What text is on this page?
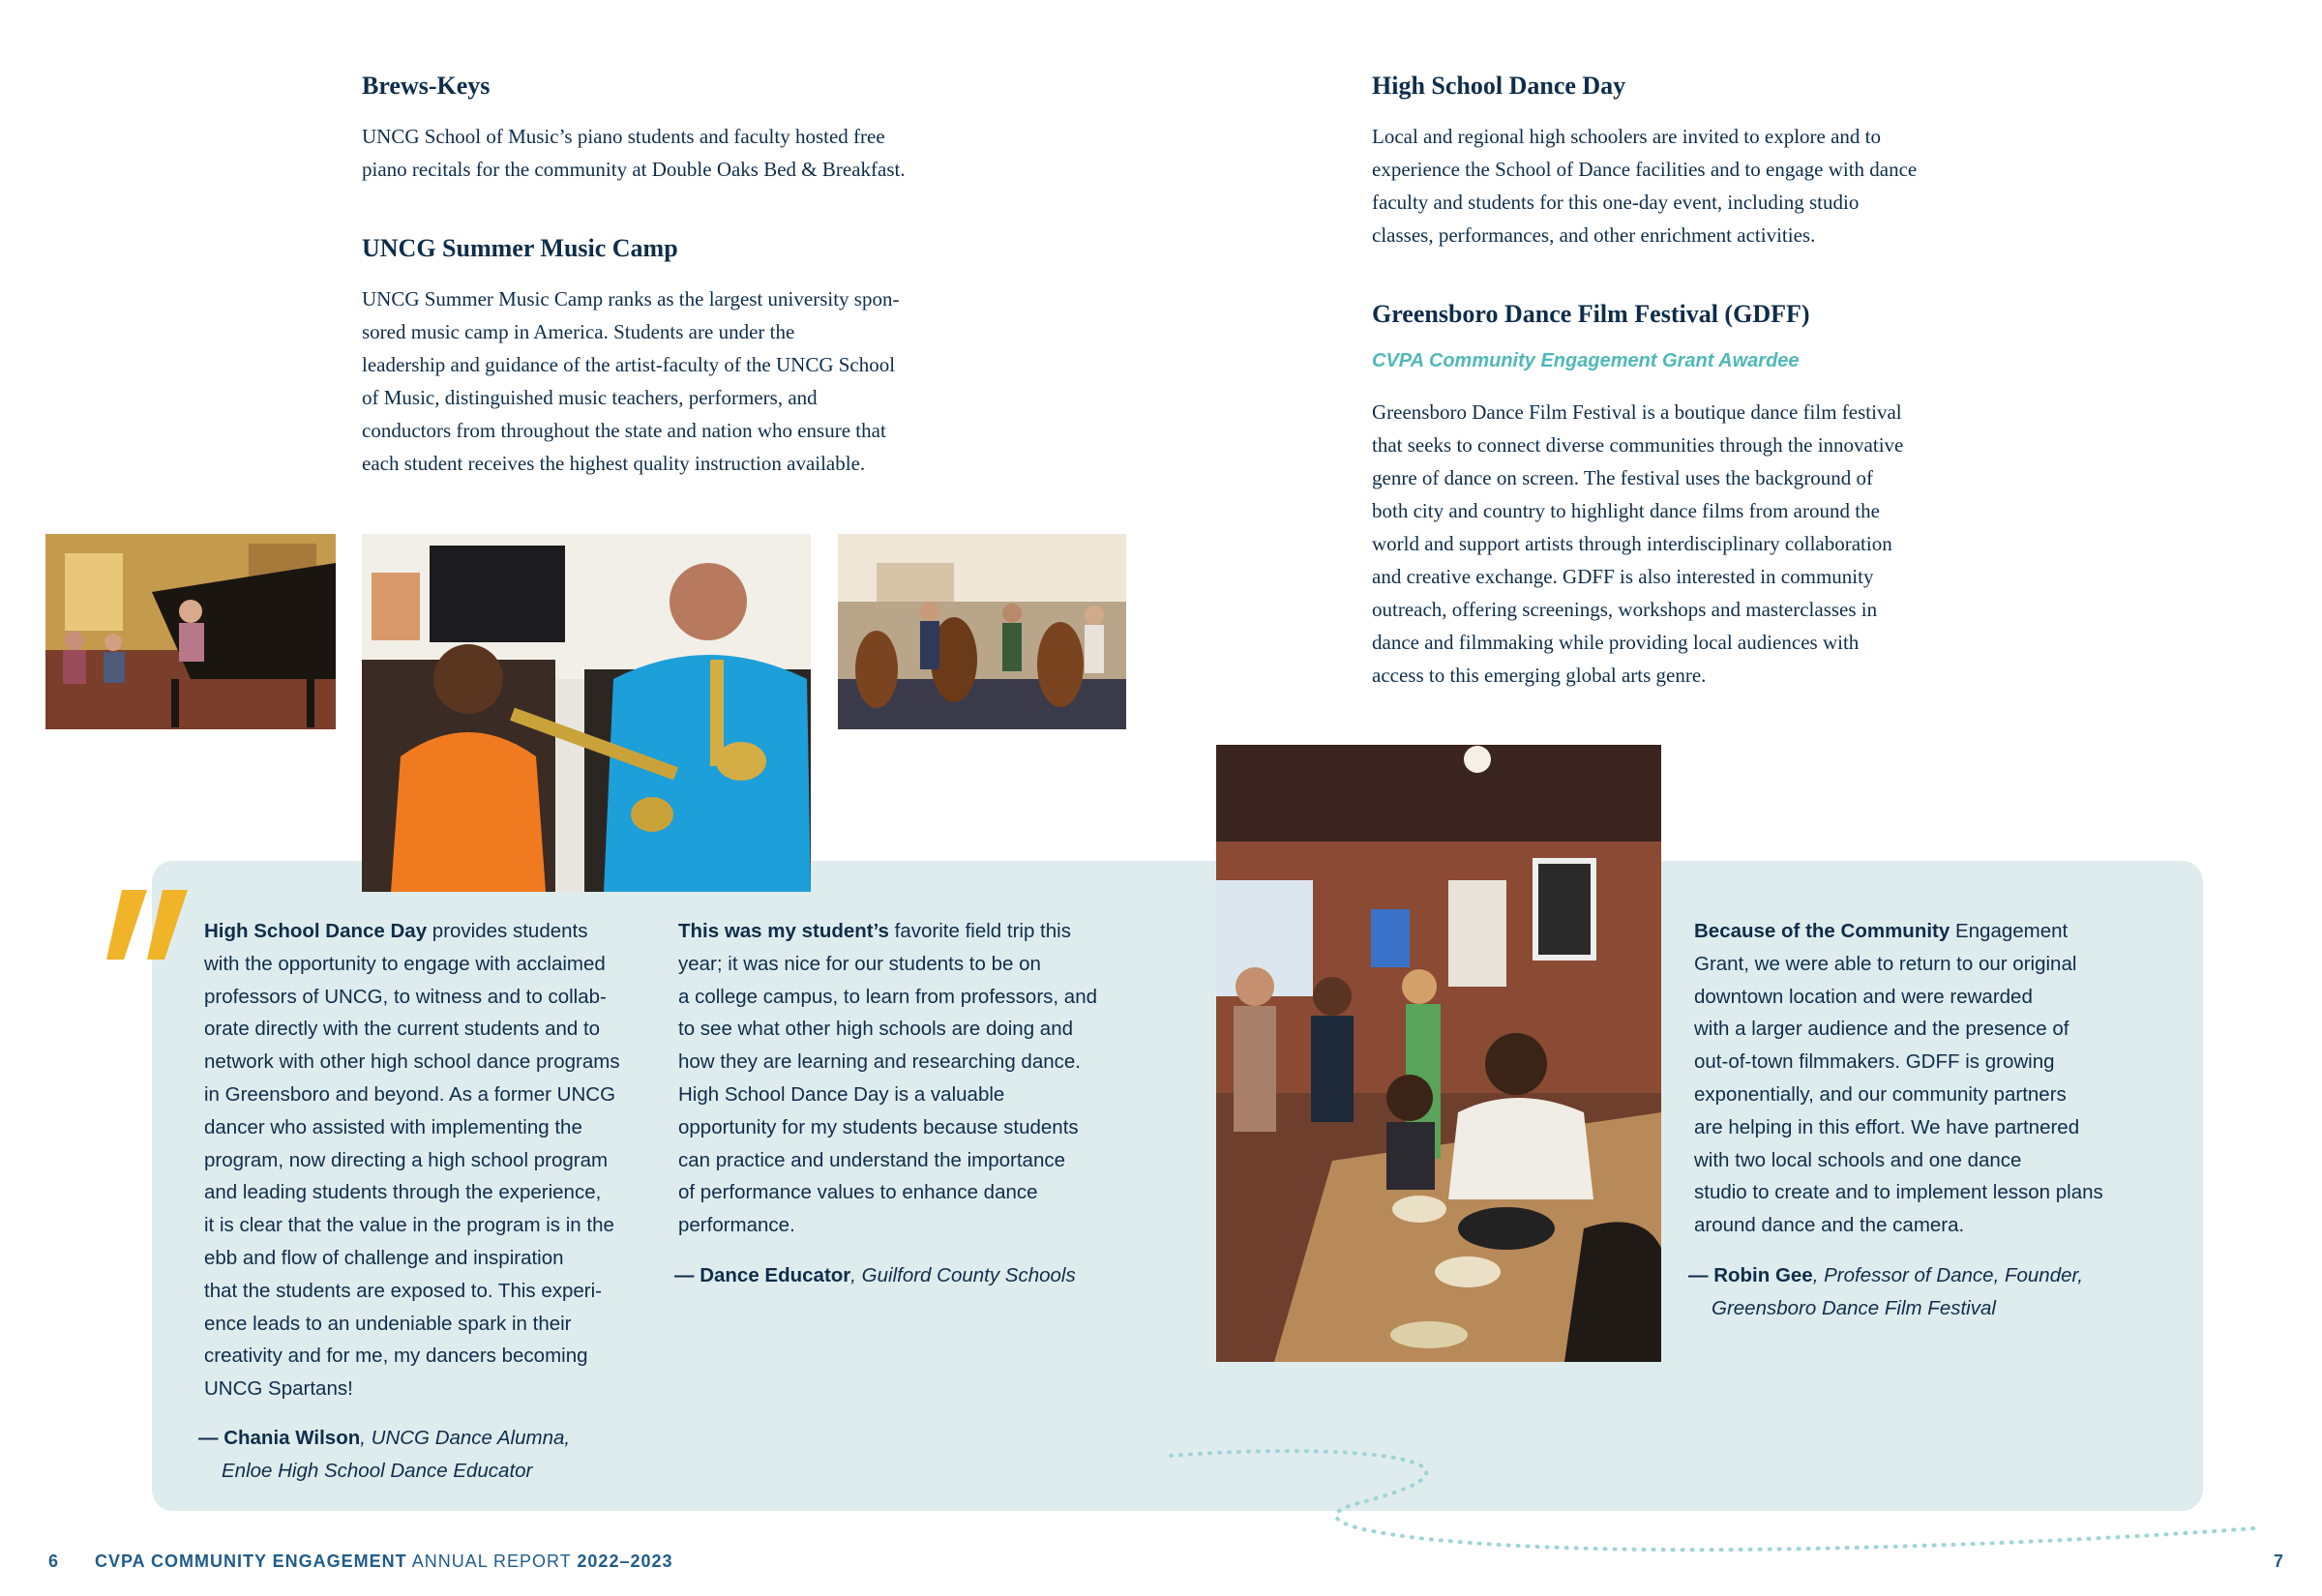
Brews-Keys

UNCG School of Music’s piano students and faculty hosted free
piano recitals for the community at Double Oaks Bed & Breakfast.

UNCG Summer Music Camp

UNCG Summer Music Camp ranks as the largest university spon-
sored music camp in America. Students are under the
leadership and guidance of the artist-faculty of the UNCG School
of Music, distinguished music teachers, performers, and
conductors from throughout the state and nation who ensure that
each student receives the highest quality instruction available.

High School Dance Day

Local and regional high schoolers are invited to explore and to
experience the School of Dance facilities and to engage with dance
faculty and students for this one-day event, including studio
classes, performances, and other enrichment activities.

Greensboro Dance Film Festival (GDFF)
CVPA Community Engagement Grant Awardee

Greensboro Dance Film Festival is a boutique dance film festival
that seeks to connect diverse communities through the innovative
genre of dance on screen. The festival uses the background of
both city and country to highlight dance films from around the
world and support artists through interdisciplinary collaboration
and creative exchange. GDFF is also interested in community
outreach, offering screenings, workshops and masterclasses in
dance and filmmaking while providing local audiences with
access to this emerging global arts genre.

High School Dance Day provides students
with the opportunity to engage with acclaimed
professors of UNCG, to witness and to collab-
orate directly with the current students and to
network with other high school dance programs
in Greensboro and beyond. As a former UNCG
dancer who assisted with implementing the
program, now directing a high school program
and leading students through the experience,
it is clear that the value in the program is in the
ebb and flow of challenge and inspiration
that the students are exposed to. This experi-
ence leads to an undeniable spark in their
creativity and for me, my dancers becoming
UNCG Spartans!
— Chania Wilson, UNCG Dance Alumna,
Enloe High School Dance Educator
This was my student’s favorite field trip this
year; it was nice for our students to be on
a college campus, to learn from professors, and
to see what other high schools are doing and
how they are learning and researching dance.
High School Dance Day is a valuable
opportunity for my students because students
can practice and understand the importance
of performance values to enhance dance
performance.
— Dance Educator, Guilford County Schools
Because of the Community Engagement
Grant, we were able to return to our original
downtown location and were rewarded
with a larger audience and the presence of
out-of-town filmmakers. GDFF is growing
exponentially, and our community partners
are helping in this effort. We have partnered
with two local schools and one dance
studio to create and to implement lesson plans
around dance and the camera.
— Robin Gee, Professor of Dance, Founder,
Greensboro Dance Film Festival
6 CVPA COMMUNITY ENGAGEMENT ANNUAL REPORT 2022–2023	7
